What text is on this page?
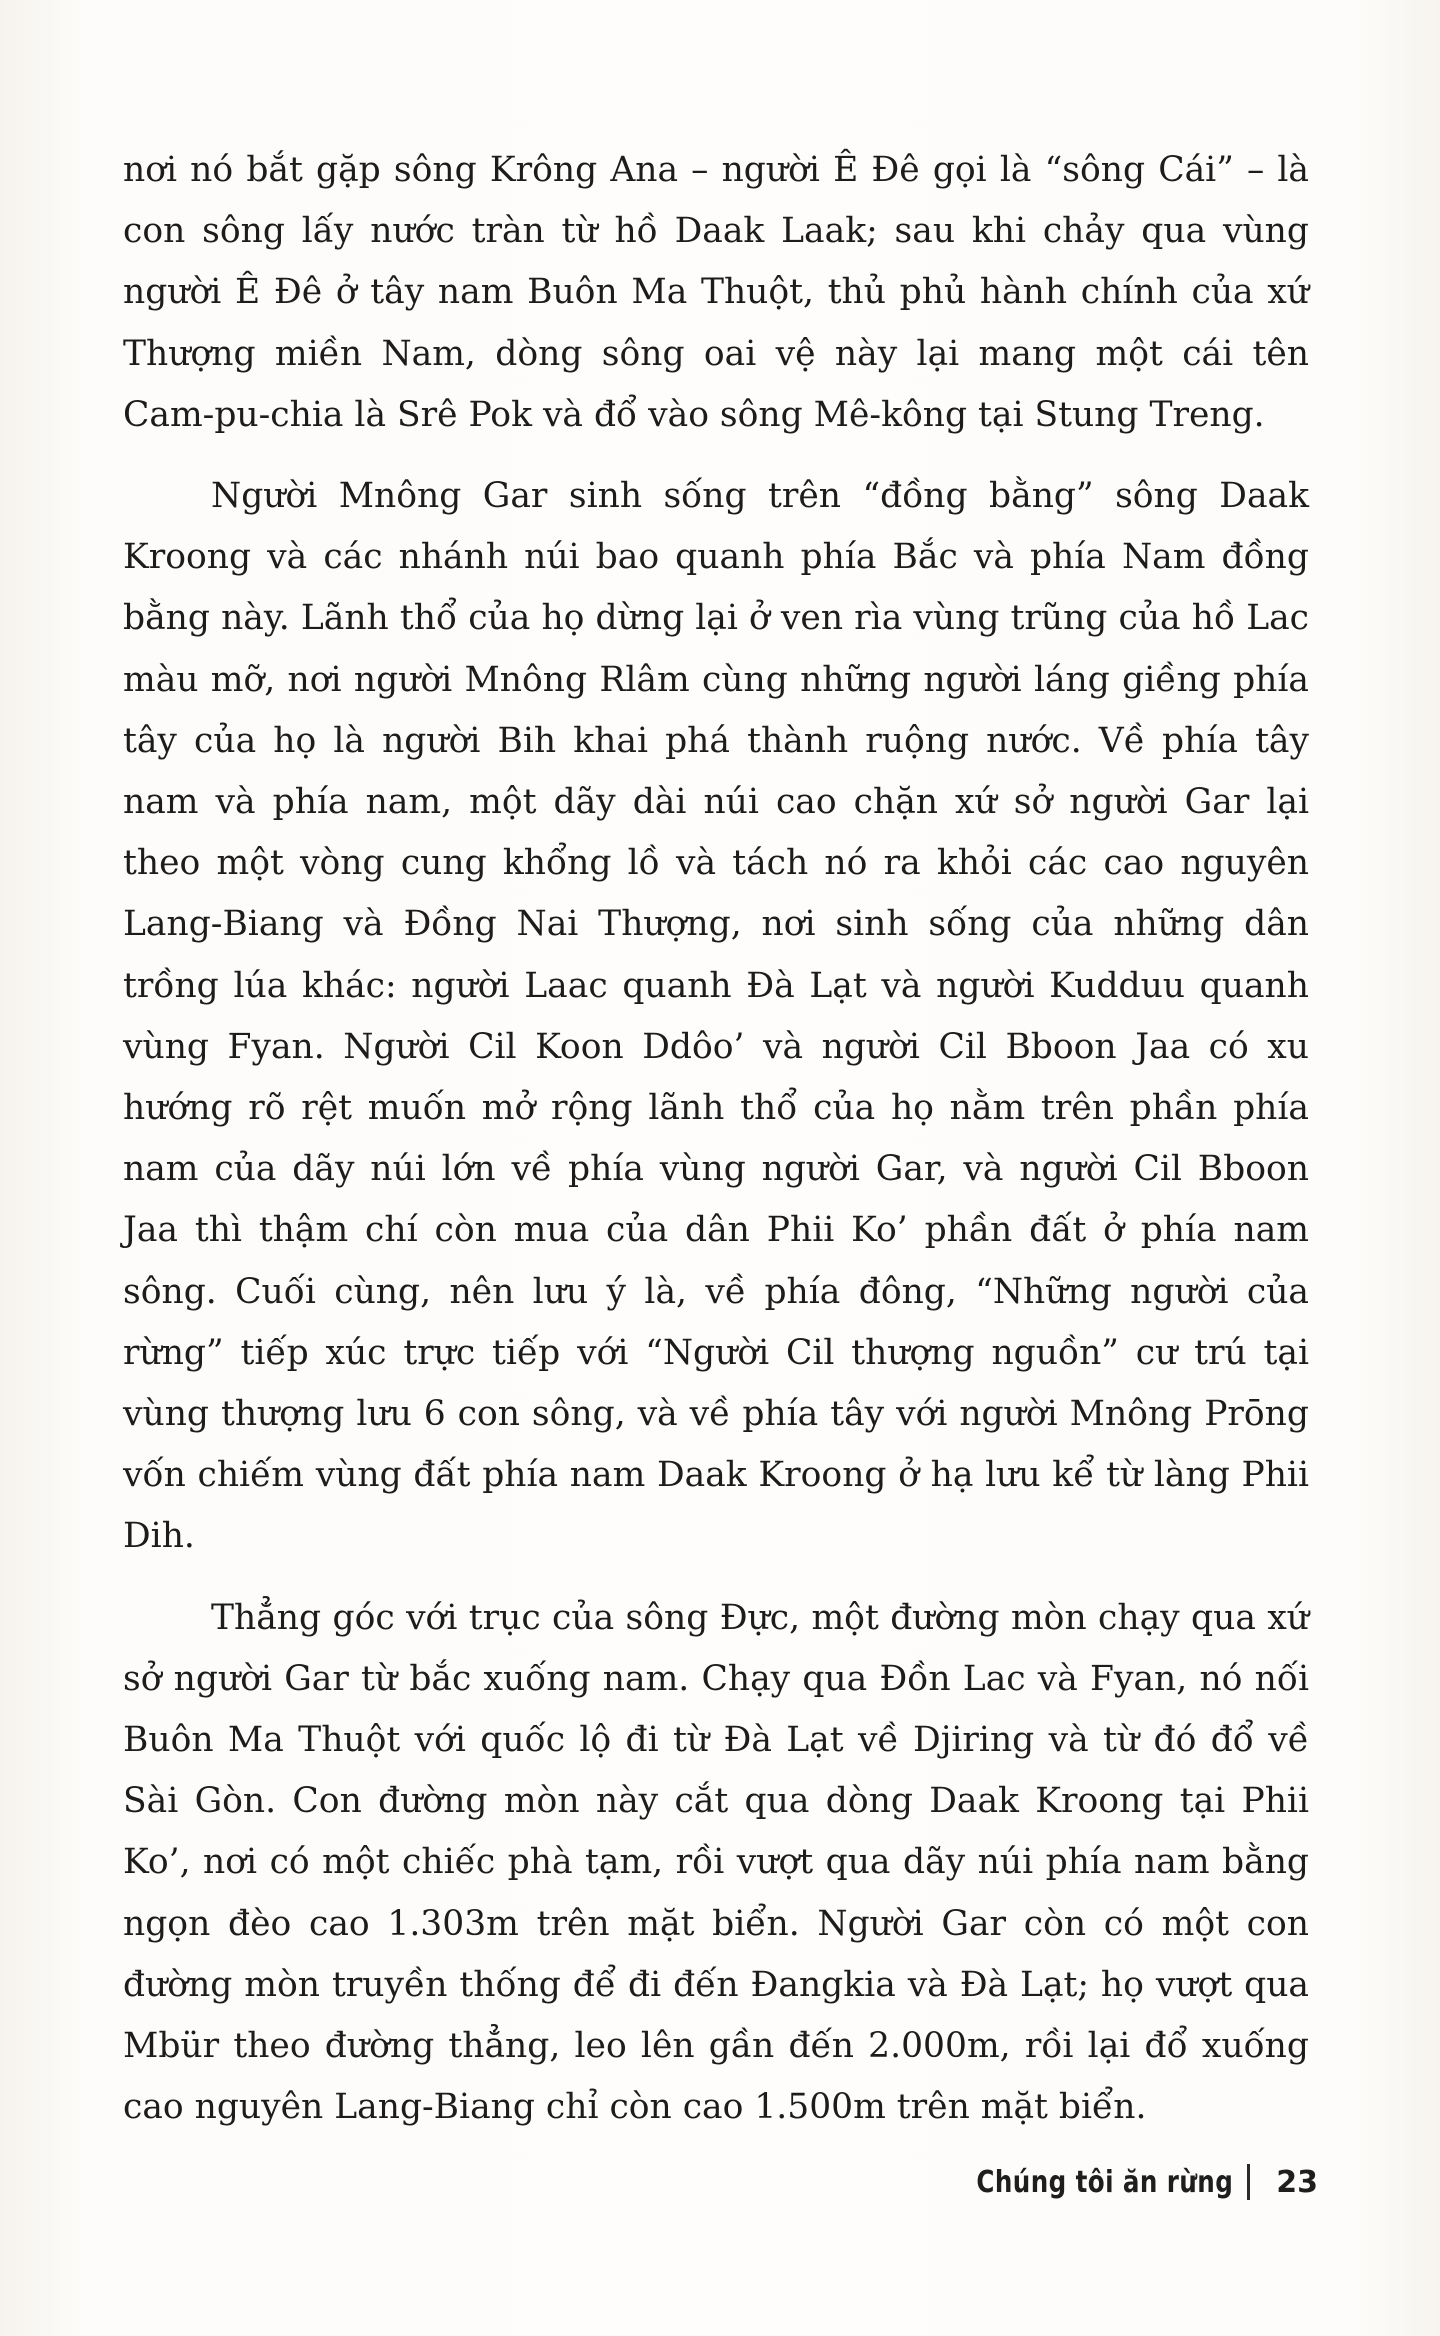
nơi nó bắt gặp sông Krông Ana – người Ê Đê gọi là “sông Cái” – là con sông lấy nước tràn từ hồ Daak Laak; sau khi chảy qua vùng người Ê Đê ở tây nam Buôn Ma Thuột, thủ phủ hành chính của xứ Thượng miền Nam, dòng sông oai vệ này lại mang một cái tên Cam-pu-chia là Srê Pok và đổ vào sông Mê-kông tại Stung Treng.

Người Mnông Gar sinh sống trên “đồng bằng” sông Daak Kroong và các nhánh núi bao quanh phía Bắc và phía Nam đồng bằng này. Lãnh thổ của họ dừng lại ở ven rìa vùng trũng của hồ Lac màu mỡ, nơi người Mnông Rlâm cùng những người láng giềng phía tây của họ là người Bih khai phá thành ruộng nước. Về phía tây nam và phía nam, một dãy dài núi cao chặn xứ sở người Gar lại theo một vòng cung khổng lồ và tách nó ra khỏi các cao nguyên Lang-Biang và Đồng Nai Thượng, nơi sinh sống của những dân trồng lúa khác: người Laac quanh Đà Lạt và người Kudduu quanh vùng Fyan. Người Cil Koon Ddôo’ và người Cil Bboon Jaa có xu hướng rõ rệt muốn mở rộng lãnh thổ của họ nằm trên phần phía nam của dãy núi lớn về phía vùng người Gar, và người Cil Bboon Jaa thì thậm chí còn mua của dân Phii Ko’ phần đất ở phía nam sông. Cuối cùng, nên lưu ý là, về phía đông, “Những người của rừng” tiếp xúc trực tiếp với “Người Cil thượng nguồn” cư trú tại vùng thượng lưu 6 con sông, và về phía tây với người Mnông Prōng vốn chiếm vùng đất phía nam Daak Kroong ở hạ lưu kể từ làng Phii Dih.

Thẳng góc với trục của sông Đực, một đường mòn chạy qua xứ sở người Gar từ bắc xuống nam. Chạy qua Đồn Lac và Fyan, nó nối Buôn Ma Thuột với quốc lộ đi từ Đà Lạt về Djiring và từ đó đổ về Sài Gòn. Con đường mòn này cắt qua dòng Daak Kroong tại Phii Ko’, nơi có một chiếc phà tạm, rồi vượt qua dãy núi phía nam bằng ngọn đèo cao 1.303m trên mặt biển. Người Gar còn có một con đường mòn truyền thống để đi đến Đangkia và Đà Lạt; họ vượt qua Mbür theo đường thẳng, leo lên gần đến 2.000m, rồi lại đổ xuống cao nguyên Lang-Biang chỉ còn cao 1.500m trên mặt biển.

Chúng tôi ăn rừng 23
